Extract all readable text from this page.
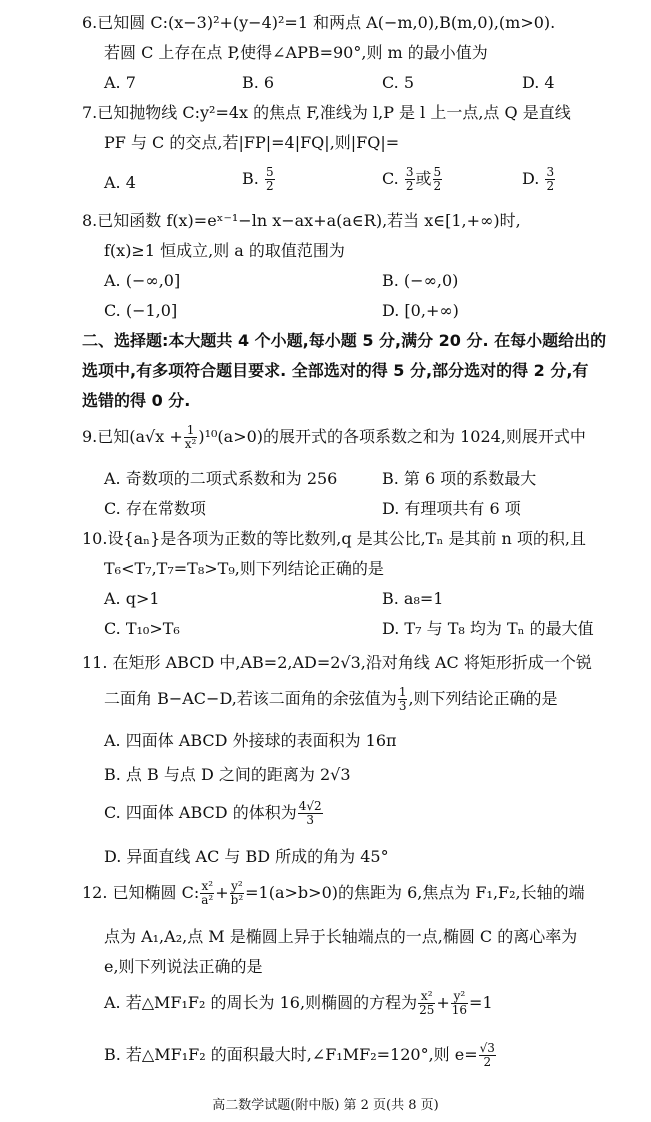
6.已知圆 C:(x−3)²+(y−4)²=1 和两点 A(−m,0),B(m,0),(m>0).
若圆 C 上存在点 P,使得∠APB=90°,则 m 的最小值为
A. 7	B. 6	C. 5	D. 4
7.已知抛物线 C:y²=4x 的焦点 F,准线为 l,P 是 l 上一点,点 Q 是直线
PF 与 C 的交点,若|FP|=4|FQ|,则|FQ|=
A. 4	B. $\frac{5}{2}$	C. $\frac{3}{2}$ 或 $\frac{5}{2}$	D. $\frac{3}{2}$
8.已知函数 f(x)=eˣ⁻¹−ln x−ax+a(a∈R),若当 x∈[1,+∞)时,
f(x)≥1 恒成立,则 a 的取值范围为
A. (−∞,0]	B. (−∞,0)
C. (−1,0]	D. [0,+∞)
二、选择题:本大题共 4 个小题,每小题 5 分,满分 20 分. 在每小题给出的
选项中,有多项符合题目要求. 全部选对的得 5 分,部分选对的得 2 分,有
选错的得 0 分.
9.已知$(a√x + \frac{1}{\text{x²}} )^{10}(a>0)$的展开式的各项系数之和为 1024,则展开式中
A. 奇数项的二项式系数和为 256	B. 第 6 项的系数最大
C. 存在常数项	D. 有理项共有 6 项
10.设{aₙ}是各项为正数的等比数列,q 是其公比,Tₙ 是其前 n 项的积,且
T₆<T₇,T₇=T₈>T₉,则下列结论正确的是
A. q>1	B. a₈=1
C. T₁₀>T₆	D. T₇ 与 T₈ 均为 Tₙ 的最大值
11. 在矩形 ABCD 中,AB=2,AD=2√3,沿对角线 AC 将矩形折成一个锐
二面角 B−AC−D,若该二面角的余弦值为 $\frac{1}{3}$ ,则下列结论正确的是
A. 四面体 ABCD 外接球的表面积为 16π
B. 点 B 与点 D 之间的距离为 2√3
C. 四面体 ABCD 的体积为 $\frac{4√2}{3}$
D. 异面直线 AC 与 BD 所成的角为 45°
12. 已知椭圆 C: $\frac{\text{x²}}{\text{a²}} + \frac{\text{y²}}{\text{b²}} =1(a>b>0)$的焦距为 6,焦点为 F₁,F₂,长轴的端
点为 A₁,A₂,点 M 是椭圆上异于长轴端点的一点,椭圆 C 的离心率为
e,则下列说法正确的是
A. 若△MF₁F₂ 的周长为 16,则椭圆的方程为 $\frac{\text{x²}}{25} + \frac{\text{y²}}{16} =1$
B. 若△MF₁F₂ 的面积最大时,∠F₁MF₂=120°,则 $e= \frac{√3}{2}$
高二数学试题(附中版) 第 2 页(共 8 页)
